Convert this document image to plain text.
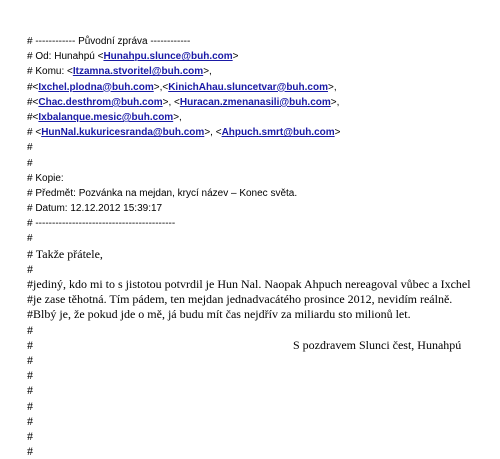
# ------------ Původní zpráva ------------
# Od: Hunahpú <Hunahpu.slunce@buh.com>
# Komu: <Itzamna.stvoritel@buh.com>,
#<Ixchel.plodna@buh.com>,<KinichAhau.sluncetvar@buh.com>,
#<Chac.desthrom@buh.com>, <Huracan.zmenanasili@buh.com>,
#<Ixbalanque.mesic@buh.com>,
# <HunNal.kukuricesranda@buh.com>, <Ahpuch.smrt@buh.com>
#
#
# Kopie:
# Předmět: Pozvánka na mejdan, krycí název – Konec světa.
# Datum: 12.12.2012 15:39:17
# ------------------------------------------
#
# Takže přátele,
#
#jediný, kdo mi to s jistotou potvrdil je Hun Nal. Naopak Ahpuch nereagoval vůbec a Ixchel
#je zase těhotná. Tím pádem, ten mejdan jednadvacátého prosince 2012, nevidím reálně.
#Blbý je, že pokud jde o mě, já budu mít čas nejdřív za miliardu sto milionů let.
#
#	S pozdravem Slunci čest, Hunahpú
#
#
#
#
#
#
#
